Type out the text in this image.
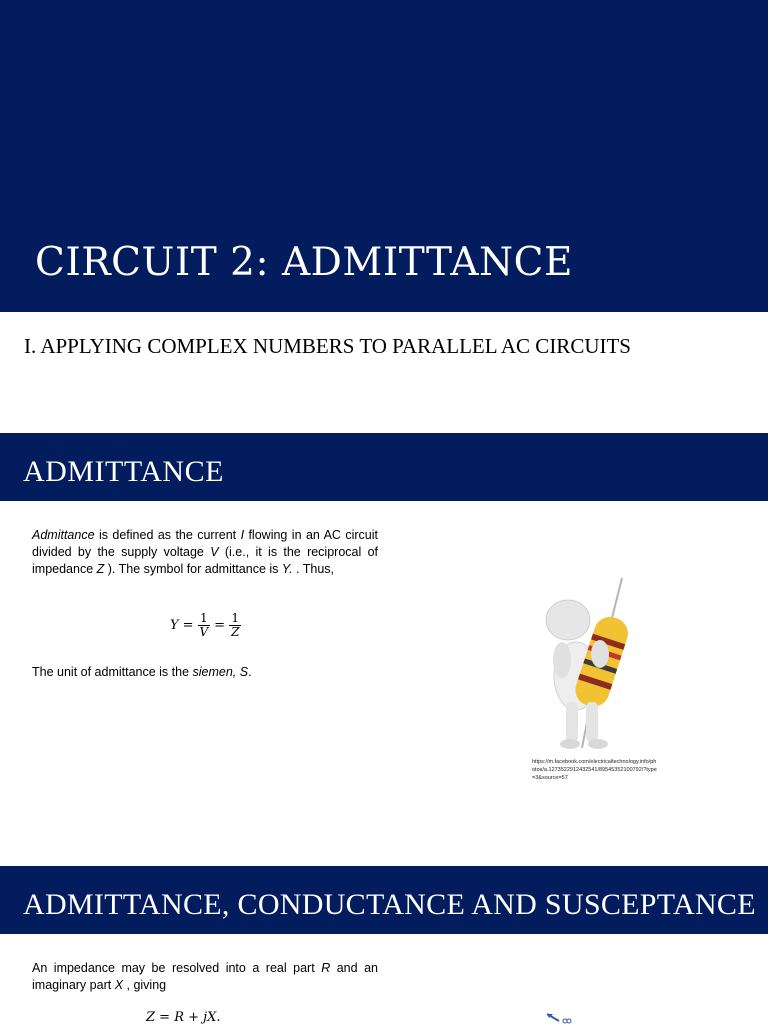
CIRCUIT 2: ADMITTANCE
I. APPLYING COMPLEX NUMBERS TO PARALLEL AC CIRCUITS
ADMITTANCE

Admittance is defined as the current I flowing in an AC circuit divided by the supply voltage V (i.e., it is the reciprocal of impedance Z ). The symbol for admittance is Y. . Thus,

$Y = \frac{1}{V} = \frac{1}{Z}$

The unit of admittance is the siemen, S.

https://m.facebook.com/electricaltechnology.info/photos/a.1273522912432541/89545352100792/?type=3&source=57
ADMITTANCE, CONDUCTANCE AND SUSCEPTANCE

An impedance may be resolved into a real part R and an imaginary part X , giving

Z = R + jX.
